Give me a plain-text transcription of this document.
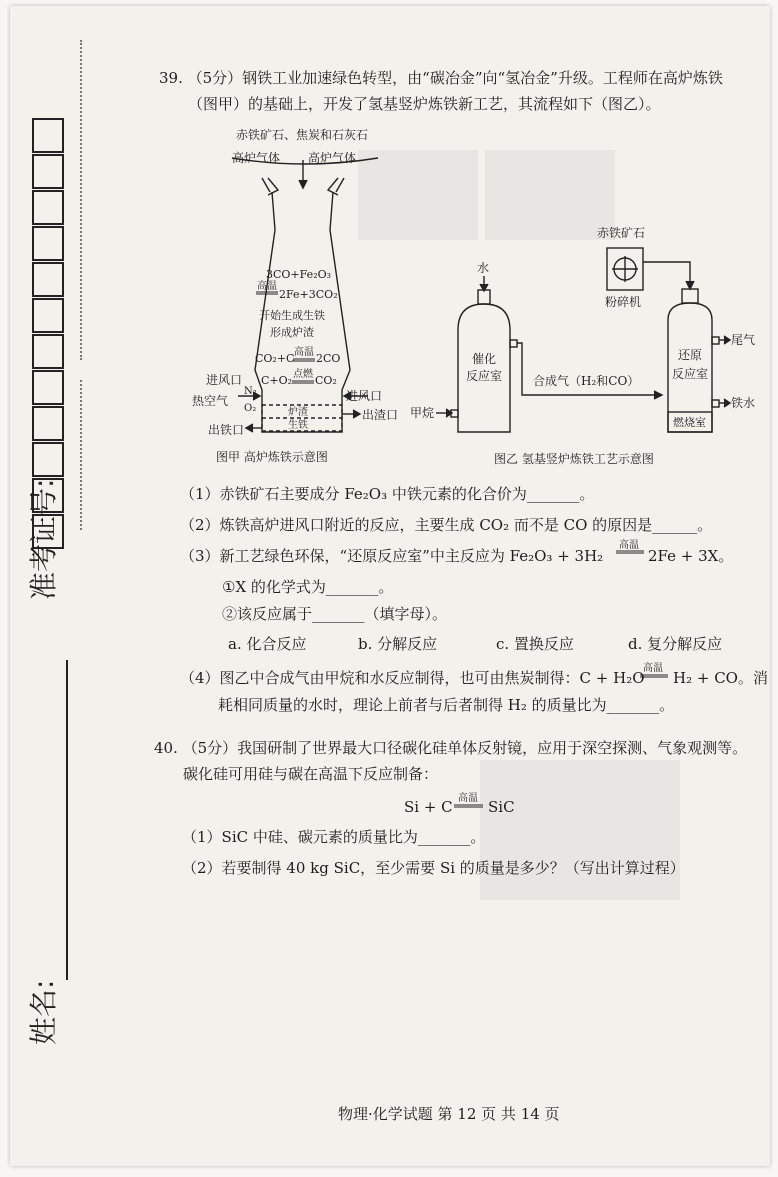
准考证号:
姓名:
39. （5分）钢铁工业加速绿色转型，由“碳冶金”向“氢冶金”升级。工程师在高炉炼铁
（图甲）的基础上，开发了氢基竖炉炼铁新工艺，其流程如下（图乙）。
赤铁矿石、焦炭和石灰石
高炉气体 高炉气体
3CO+Fe₂O₃
高温
2Fe+3CO₂
开始生成生铁
形成炉渣
CO₂+C 高温 2CO
C+O₂ 点燃 CO₂
N₂
O₂
进风口
热空气
出铁口
进风口
出渣口
炉渣
生铁
图甲 高炉炼铁示意图
赤铁矿石
粉碎机
水
催化
反应室
甲烷
合成气（H₂和CO）
还原
反应室
燃烧室
尾气
铁水
图乙 氢基竖炉炼铁工艺示意图
（1）赤铁矿石主要成分 Fe₂O₃ 中铁元素的化合价为_______。
（2）炼铁高炉进风口附近的反应，主要生成 CO₂ 而不是 CO 的原因是______。
（3）新工艺绿色环保，“还原反应室”中主反应为 Fe₂O₃ + 3H₂
高温
2Fe + 3X。
①X 的化学式为_______。
②该反应属于_______（填字母）。
a. 化合反应	b. 分解反应	c. 置换反应	d. 复分解反应
（4）图乙中合成气由甲烷和水反应制得，也可由焦炭制得：C + H₂O
高温
H₂ + CO。消
耗相同质量的水时，理论上前者与后者制得 H₂ 的质量比为_______。
40. （5分）我国研制了世界最大口径碳化硅单体反射镜，应用于深空探测、气象观测等。
碳化硅可用硅与碳在高温下反应制备：
Si + C 高温 SiC
（1）SiC 中硅、碳元素的质量比为_______。
（2）若要制得 40 kg SiC，至少需要 Si 的质量是多少？（写出计算过程）
物理·化学试题 第 12 页 共 14 页
